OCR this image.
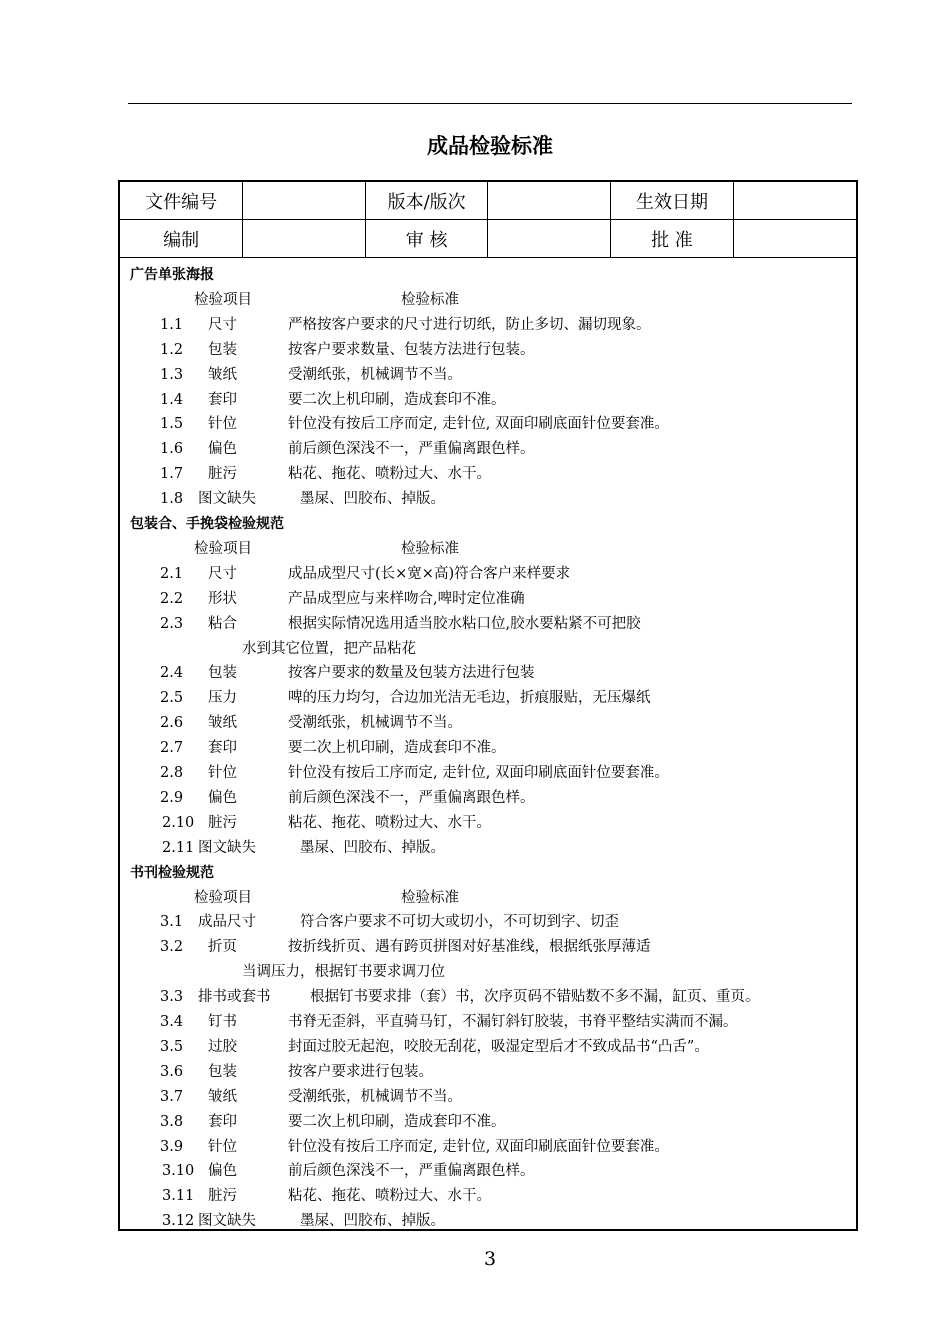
成品检验标准
文件编号		版本/版次		生效日期	
编制		审 核		批 准	
广告单张海报
检验项目	检验标准
1.1 尺寸	严格按客户要求的尺寸进行切纸，防止多切、漏切现象。
1.2 包装	按客户要求数量、包装方法进行包装。
1.3 皱纸	受潮纸张，机械调节不当。
1.4 套印	要二次上机印刷，造成套印不准。
1.5 针位	针位没有按后工序而定, 走针位, 双面印刷底面针位要套准。
1.6 偏色	前后颜色深浅不一，严重偏离跟色样。
1.7 脏污	粘花、拖花、喷粉过大、水干。
1.8 图文缺失	墨屎、凹胶布、掉版。
包装合、手挽袋检验规范
检验项目	检验标准
2.1 尺寸	成品成型尺寸(长×宽×高)符合客户来样要求
2.2 形状	产品成型应与来样吻合,啤时定位准确
2.3 粘合	根据实际情况选用适当胶水粘口位,胶水要粘紧不可把胶
水到其它位置，把产品粘花
2.4 包装	按客户要求的数量及包装方法进行包装
2.5 压力	啤的压力均匀，合边加光洁无毛边，折痕服贴，无压爆纸
2.6 皱纸	受潮纸张，机械调节不当。
2.7 套印	要二次上机印刷，造成套印不准。
2.8 针位	针位没有按后工序而定, 走针位, 双面印刷底面针位要套准。
2.9 偏色	前后颜色深浅不一，严重偏离跟色样。
2.10 脏污	粘花、拖花、喷粉过大、水干。
2.11 图文缺失	墨屎、凹胶布、掉版。
书刊检验规范
检验项目	检验标准
3.1 成品尺寸	符合客户要求不可切大或切小，不可切到字、切歪
3.2 折页	按折线折页、遇有跨页拼图对好基准线，根据纸张厚薄适
当调压力，根据钉书要求调刀位
3.3 排书或套书	根据钉书要求排（套）书，次序页码不错贴数不多不漏，缸页、重页。
3.4 钉书	书脊无歪斜，平直骑马钉，不漏钉斜钉胶装，书脊平整结实满而不漏。
3.5 过胶	封面过胶无起泡，咬胶无刮花，吸湿定型后才不致成品书“凸舌”。
3.6 包装	按客户要求进行包装。
3.7 皱纸	受潮纸张，机械调节不当。
3.8 套印	要二次上机印刷，造成套印不准。
3.9 针位	针位没有按后工序而定, 走针位, 双面印刷底面针位要套准。
3.10 偏色	前后颜色深浅不一，严重偏离跟色样。
3.11 脏污	粘花、拖花、喷粉过大、水干。
3.12 图文缺失	墨屎、凹胶布、掉版。
3
